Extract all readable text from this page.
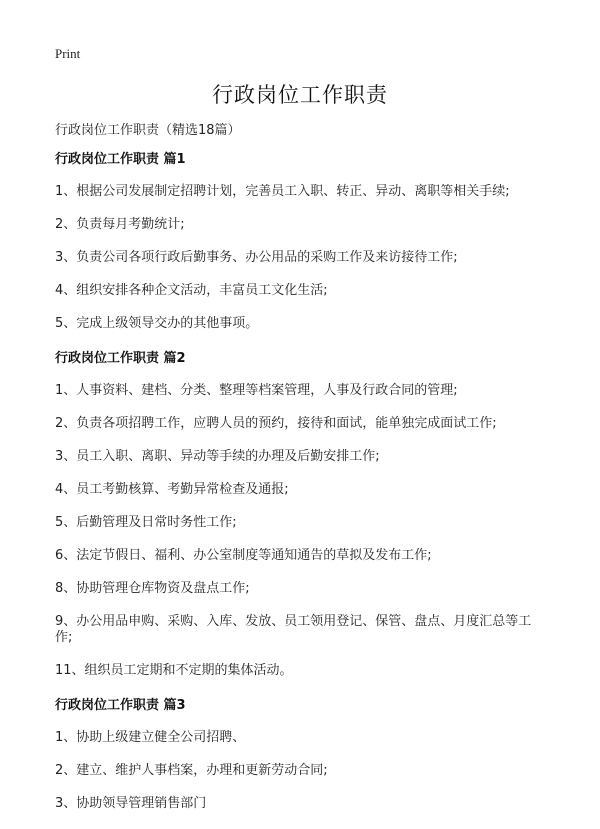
Print
行政岗位工作职责
行政岗位工作职责（精选18篇）
行政岗位工作职责 篇1
1、根据公司发展制定招聘计划，完善员工入职、转正、异动、离职等相关手续;
2、负责每月考勤统计;
3、负责公司各项行政后勤事务、办公用品的采购工作及来访接待工作;
4、组织安排各种企文活动，丰富员工文化生活;
5、完成上级领导交办的其他事项。
行政岗位工作职责 篇2
1、人事资料、建档、分类、整理等档案管理，人事及行政合同的管理;
2、负责各项招聘工作，应聘人员的预约，接待和面试，能单独完成面试工作;
3、员工入职、离职、异动等手续的办理及后勤安排工作;
4、员工考勤核算、考勤异常检查及通报;
5、后勤管理及日常时务性工作;
6、法定节假日、福利、办公室制度等通知通告的草拟及发布工作;
8、协助管理仓库物资及盘点工作;
9、办公用品申购、采购、入库、发放、员工领用登记、保管、盘点、月度汇总等工作;
11、组织员工定期和不定期的集体活动。
行政岗位工作职责 篇3
1、协助上级建立健全公司招聘、
2、建立、维护人事档案，办理和更新劳动合同;
3、协助领导管理销售部门
